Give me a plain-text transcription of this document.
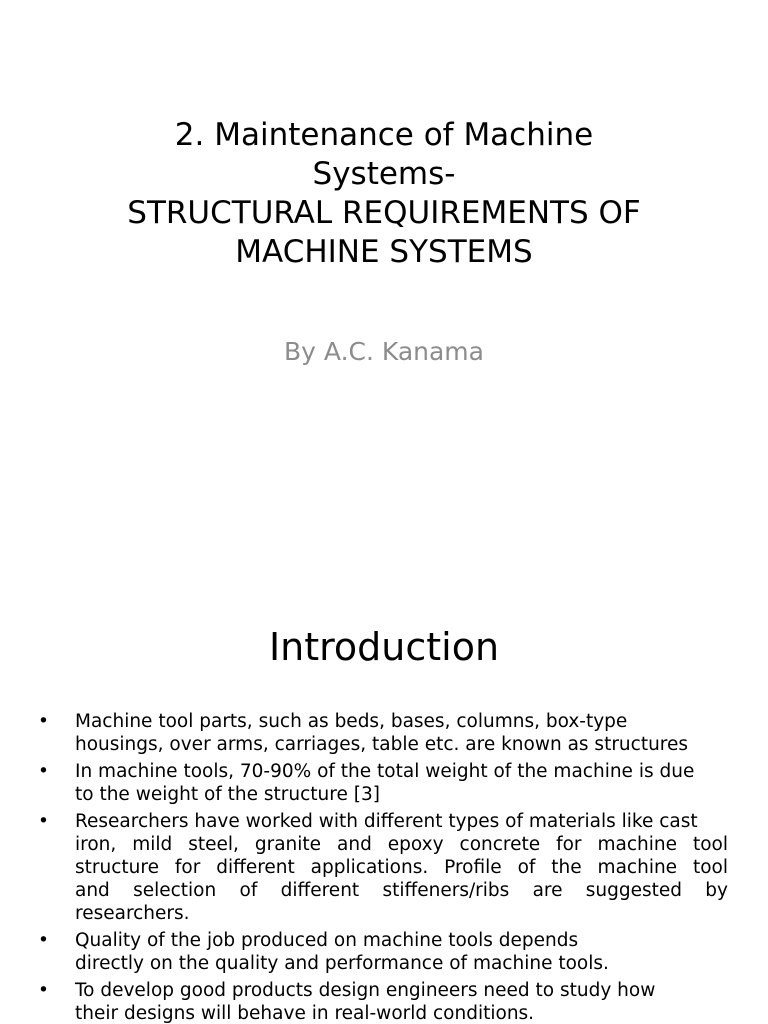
2. Maintenance of Machine
Systems-
STRUCTURAL REQUIREMENTS OF
MACHINE SYSTEMS
By A.C. Kanama
Introduction
•	Machine tool parts, such as beds, bases, columns, box-type
housings, over arms, carriages, table etc. are known as structures
•	In machine tools, 70-90% of the total weight of the machine is due
to the weight of the structure [3]
•	Researchers have worked with different types of materials like cast
iron, mild steel, granite and epoxy concrete for machine tool
structure for different applications. Profile of the machine tool
and selection of different stiffeners/ribs are suggested by
researchers.
•	Quality of the job produced on machine tools depends
directly on the quality and performance of machine tools.
•	To develop good products design engineers need to study how
their designs will behave in real-world conditions.
